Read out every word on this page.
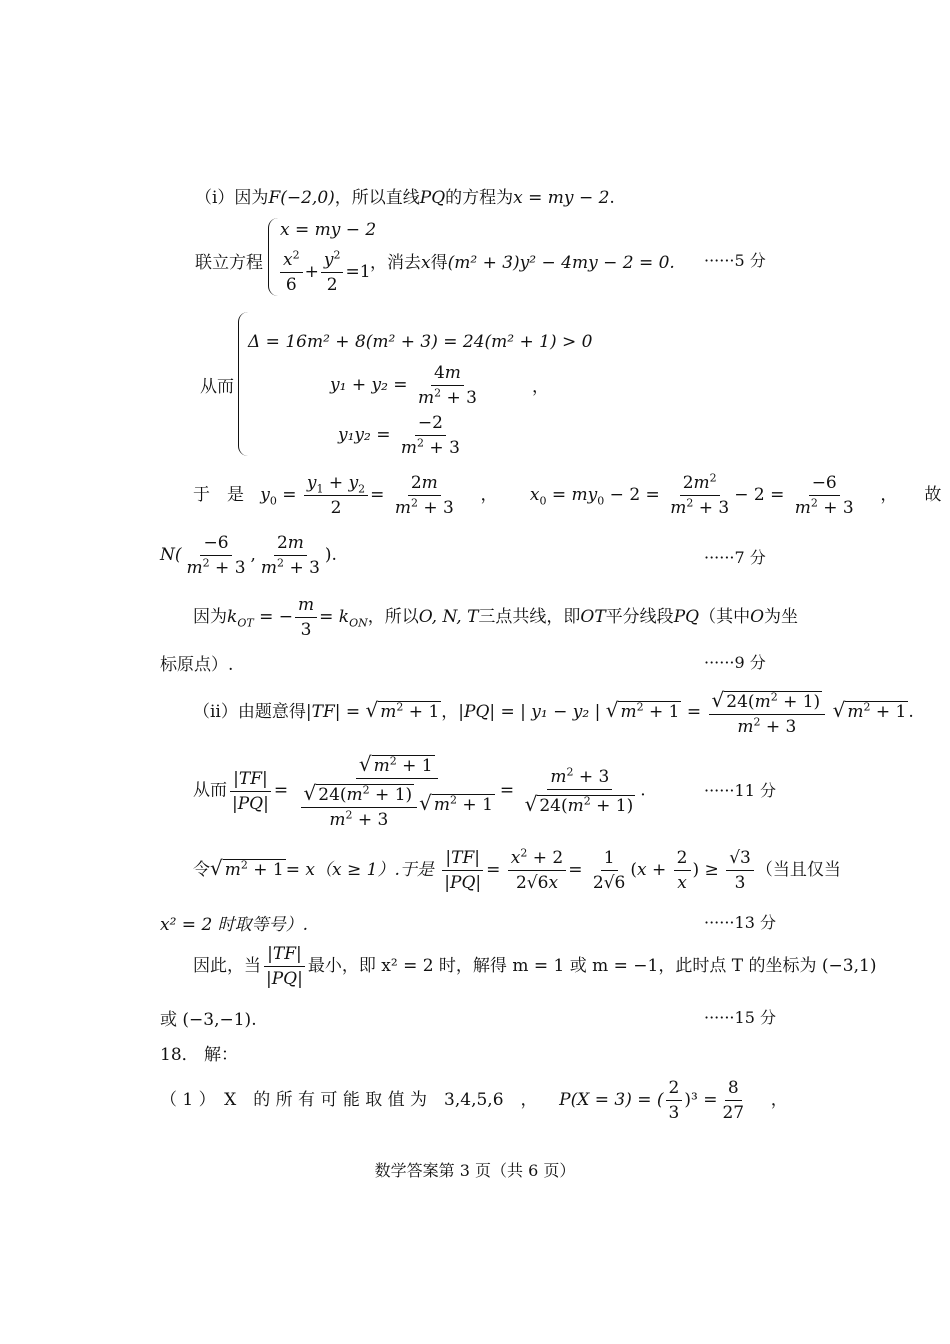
（i）因为F(−2,0)，所以直线PQ的方程为x = my − 2.
联立方程
x = my − 2
$\frac{x^2}{6} + \frac{y^2}{2} =1$ ，消去x得(m² + 3)y² − 4my − 2 = 0. ······5 分
从而
Δ = 16m² + 8(m² + 3) = 24(m² + 1) > 0
$y_1 + y_2 = \frac{4m}{m^2 + 3}$
$y_1y_2 = \frac{-2}{m^2 + 3}$
，
于　是 $y_0 = \frac{y_1 + y_2}{2} = \frac{2m}{m^2 + 3}$ ， $x_0 = my_0 - 2 = \frac{2m^2}{m^2 + 3} - 2 = \frac{-6}{m^2 + 3}$ ， 故
$N( \frac{-6}{m^2 + 3}$ , $\frac{2m}{m^2 + 3}$ ).	······7 分
因为$k_{OT}$ = − $\frac{m}{3} = k_{ON}$，所以O, N, T三点共线，即OT平分线段PQ（其中O为坐
标原点）.	······9 分
（ii）由题意得|TF| = √ $m^2 + 1$ ，|PQ| = | y₁ − y₂ | √ $m^2 + 1 = \frac{√ 24(m^2 + 1)}{m^2 + 3}$ √ $m^2 + 1$ .
从而 $\frac{|TF|}{|PQ|} = \frac{√ m^2 + 1}{\frac{√ 24(m^2 + 1)}{m^2 + 3} √ m^2 + 1} = \frac{m^2 + 3}{√ 24(m^2 + 1)}$ .	······11 分
令√ $m^2 + 1 = x(x \ge 1)$.于是 $\frac{|TF|}{|PQ|} = \frac{x^2 + 2}{2√6x} = \frac{1}{2√6} (x + \frac{2}{x}$ ) ≥ $\frac{√3}{3}$ （当且仅当
x² = 2 时取等号）.	······13 分
因此，当 $\frac{|TF|}{|PQ|}$ 最小，即 x² = 2 时，解得 m = 1 或 m = −1，此时点 T 的坐标为 (−3,1)
或 (−3,−1).	······15 分
18． 解：
（ 1 ）　X　的 所 有 可 能 取 值 为　3,4,5,6　， P(X = 3) = ( $\frac{2}{3} )^3 = \frac{8}{27}$ ，
数学答案第 3 页（共 6 页）
